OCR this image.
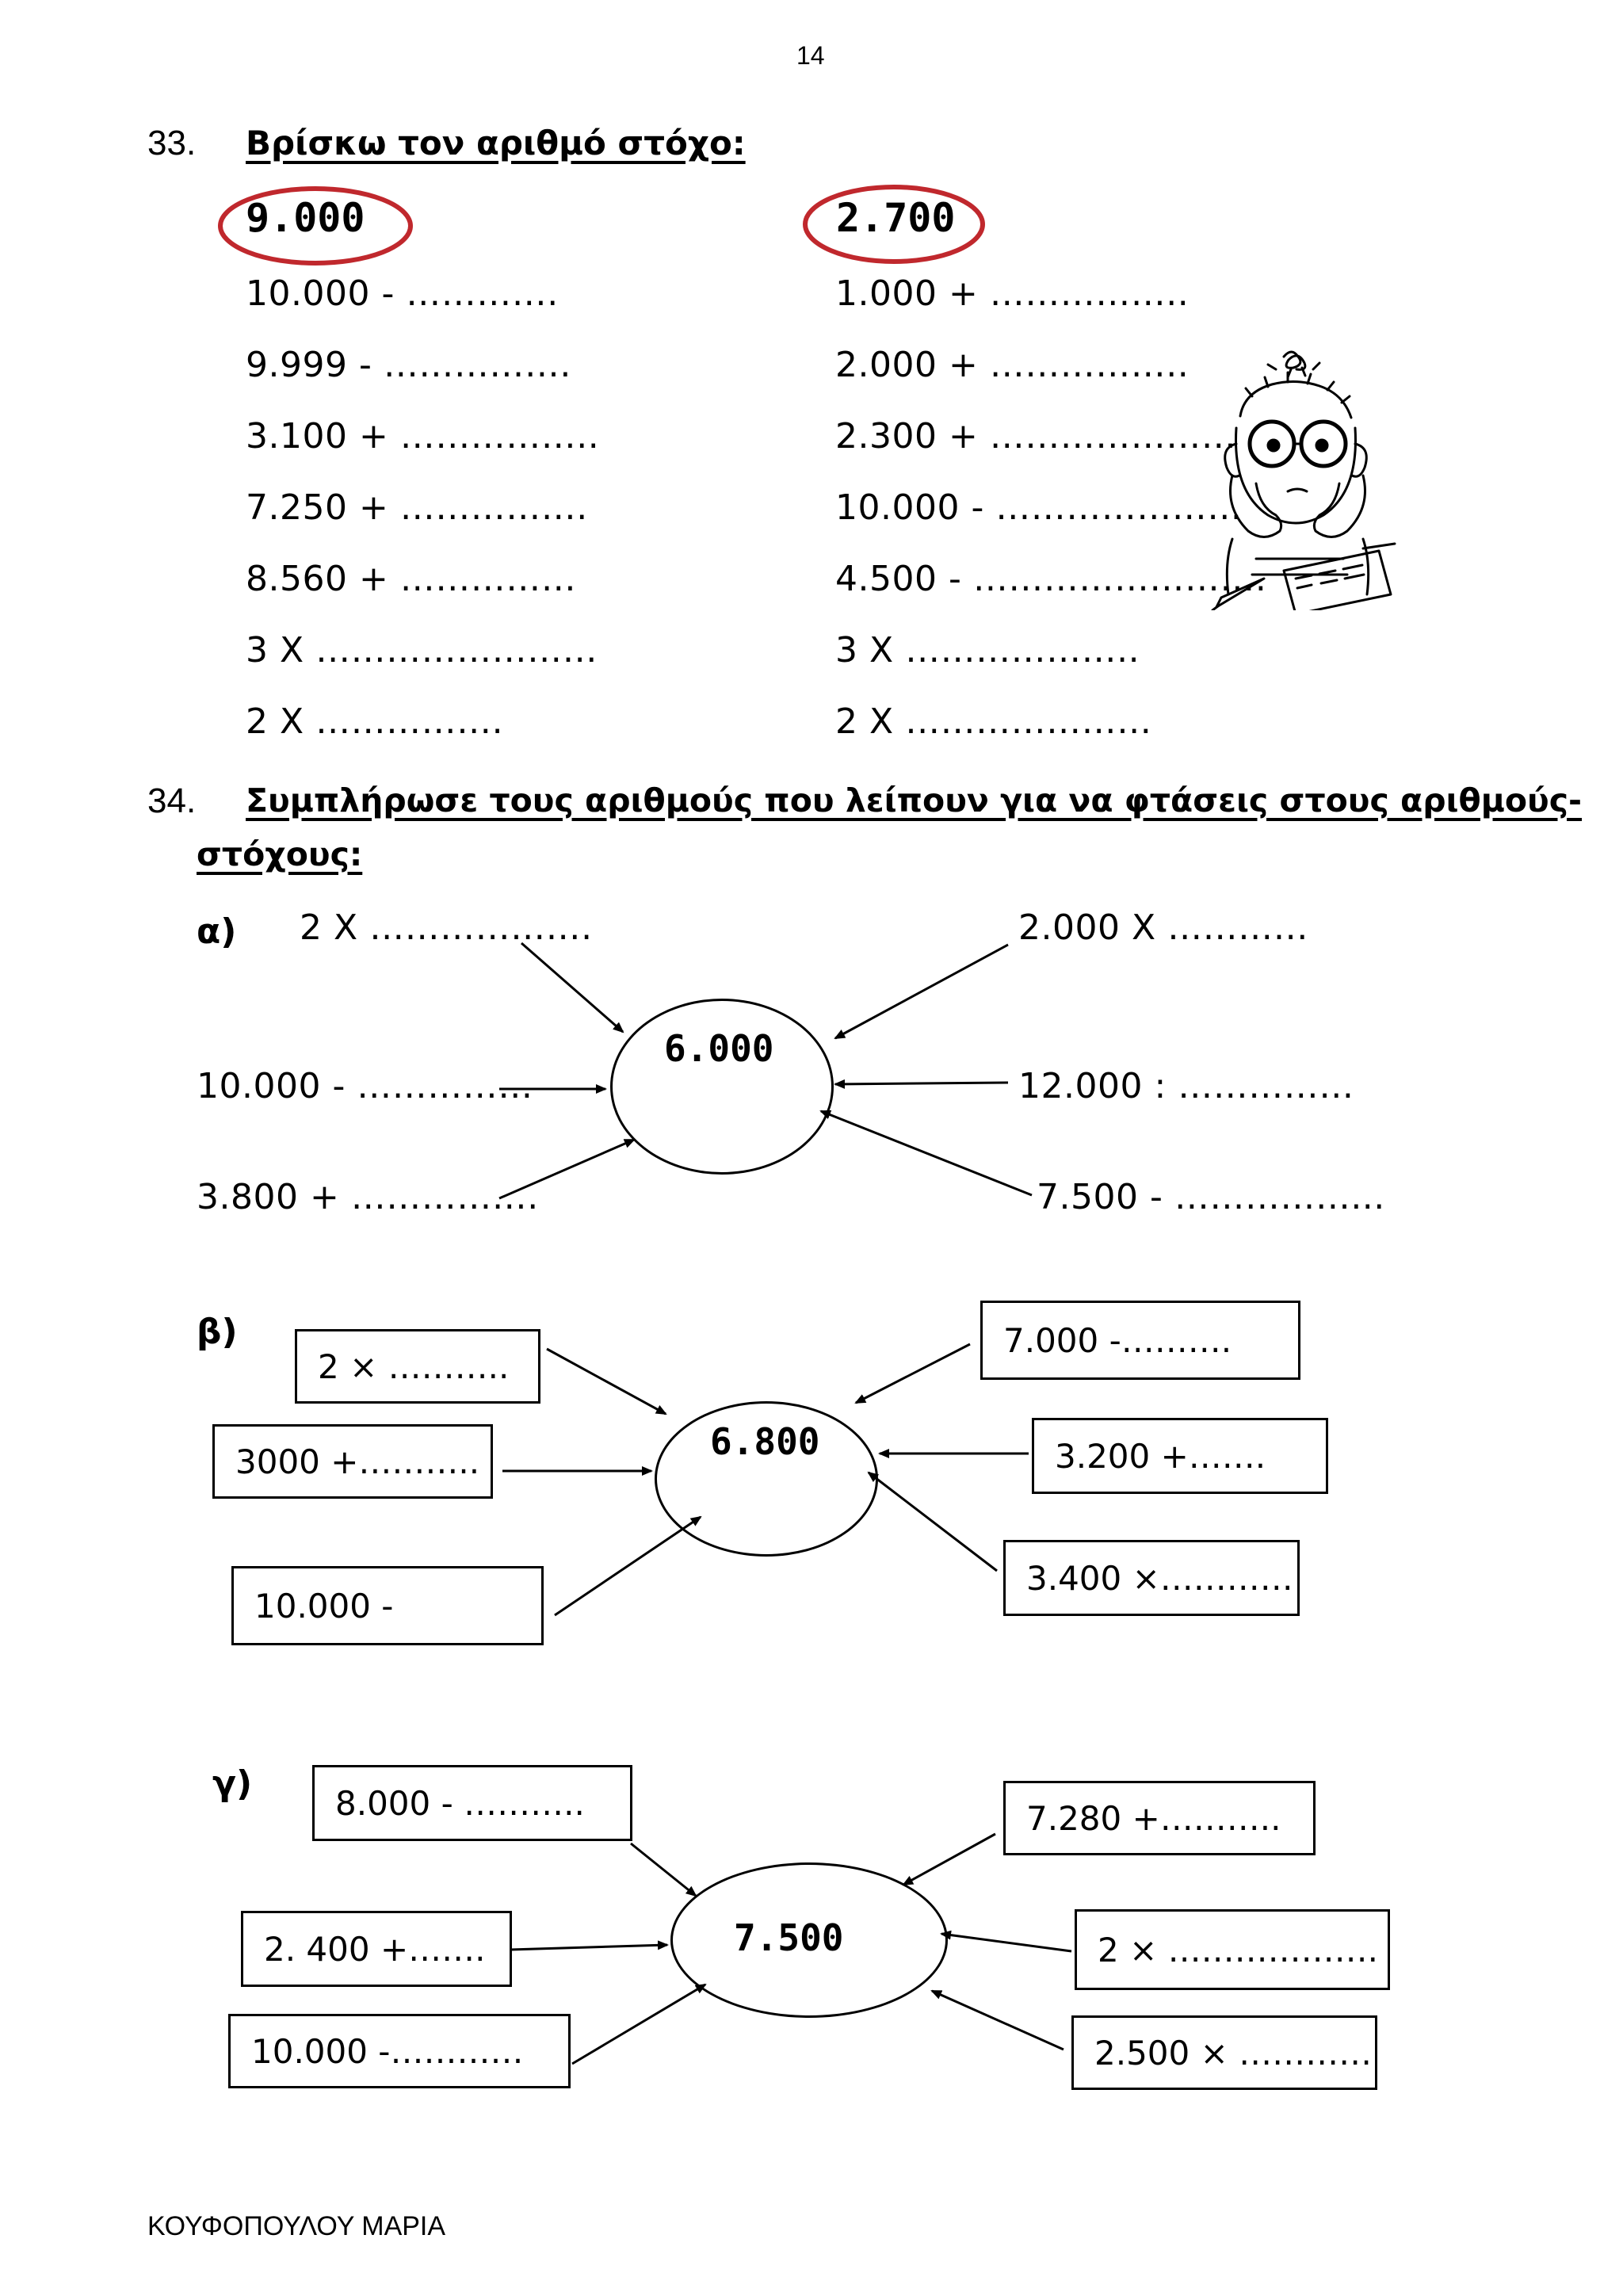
14
33. Βρίσκω τον αριθμό στόχο:
9.000	2.700
10.000 - ………….
9.999 - …………….
3.100 + ……………..
7.250 + …………….
8.560 + ……………
3 X ……………………
2 X …………….
1.000 + ……………..
2.000 + ……………..
2.300 + …………………
10.000 - …………………
4.500 - …………………….
3 X ………………..
2 X …………………
34. Συμπλήρωσε τους αριθμούς που λείπουν για να φτάσεις στους αριθμούς-
στόχους:
α)
6.000
2 X ……………….
10.000 - ……………
3.800 + …………….
2.000 X …………
12.000 : ……………
7.500 - ……………...
β)
6.800
2 × ………..
3000 +………..
10.000 -
7.000 -……….
3.200 +…….
3.400 ×…………
γ)
7.500
8.000 - ………..
2. 400 +…….
10.000 -…………
7.280 +………..
2 × ……………….
2.500 × …………
ΚΟΥΦΟΠΟΥΛΟΥ ΜΑΡΙΑ
